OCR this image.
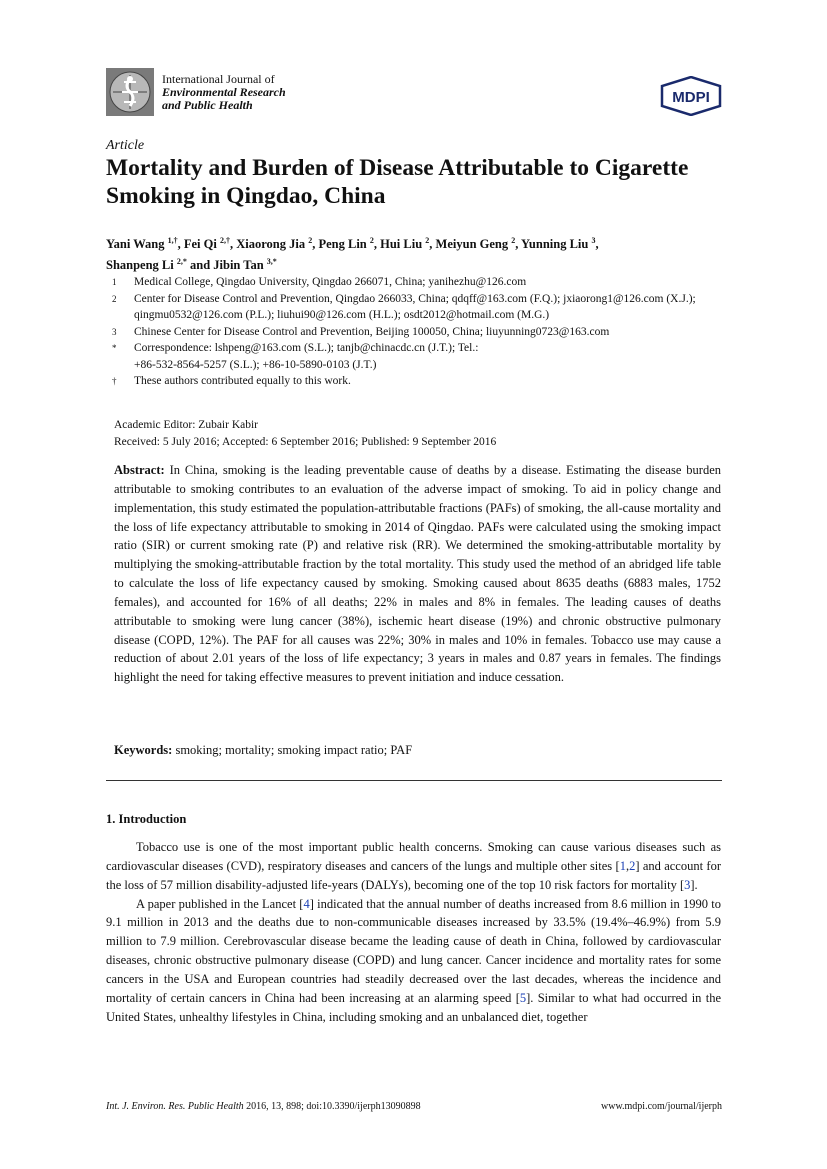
International Journal of
Environmental Research
and Public Health	MDPI
Article
Mortality and Burden of Disease Attributable to Cigarette Smoking in Qingdao, China
Yani Wang $^{1,\dagger}$, Fei Qi $^{2,\dagger}$, Xiaorong Jia $^2$, Peng Lin $^2$, Hui Liu $^2$, Meiyun Geng $^2$, Yunning Liu $^3$,
Shanpeng Li $^{2,*}$ and Jibin Tan $^{3,*}$
1	Medical College, Qingdao University, Qingdao 266071, China; yanihezhu@126.com
2	Center for Disease Control and Prevention, Qingdao 266033, China; qdqff@163.com (F.Q.); jxiaorong1@126.com (X.J.); qingmu0532@126.com (P.L.); liuhui90@126.com (H.L.); osdt2012@hotmail.com (M.G.)
3	Chinese Center for Disease Control and Prevention, Beijing 100050, China; liuyunning0723@163.com
*	Correspondence: lshpeng@163.com (S.L.); tanjb@chinacdc.cn (J.T.); Tel.: +86-532-8564-5257 (S.L.); +86-10-5890-0103 (J.T.)
†	These authors contributed equally to this work.
Academic Editor: Zubair Kabir
Received: 5 July 2016; Accepted: 6 September 2016; Published: 9 September 2016
Abstract: In China, smoking is the leading preventable cause of deaths by a disease. Estimating the disease burden attributable to smoking contributes to an evaluation of the adverse impact of smoking. To aid in policy change and implementation, this study estimated the population-attributable fractions (PAFs) of smoking, the all-cause mortality and the loss of life expectancy attributable to smoking in 2014 of Qingdao. PAFs were calculated using the smoking impact ratio (SIR) or current smoking rate (P) and relative risk (RR). We determined the smoking-attributable mortality by multiplying the smoking-attributable fraction by the total mortality. This study used the method of an abridged life table to calculate the loss of life expectancy caused by smoking. Smoking caused about 8635 deaths (6883 males, 1752 females), and accounted for 16% of all deaths; 22% in males and 8% in females. The leading causes of deaths attributable to smoking were lung cancer (38%), ischemic heart disease (19%) and chronic obstructive pulmonary disease (COPD, 12%). The PAF for all causes was 22%; 30% in males and 10% in females. Tobacco use may cause a reduction of about 2.01 years of the loss of life expectancy; 3 years in males and 0.87 years in females. The findings highlight the need for taking effective measures to prevent initiation and induce cessation.
Keywords: smoking; mortality; smoking impact ratio; PAF
1. Introduction

Tobacco use is one of the most important public health concerns. Smoking can cause various diseases such as cardiovascular diseases (CVD), respiratory diseases and cancers of the lungs and multiple other sites [1,2] and account for the loss of 57 million disability-adjusted life-years (DALYs), becoming one of the top 10 risk factors for mortality [3].

A paper published in the Lancet [4] indicated that the annual number of deaths increased from 8.6 million in 1990 to 9.1 million in 2013 and the deaths due to non-communicable diseases increased by 33.5% (19.4%–46.9%) from 5.9 million to 7.9 million. Cerebrovascular disease became the leading cause of death in China, followed by cardiovascular diseases, chronic obstructive pulmonary disease (COPD) and lung cancer. Cancer incidence and mortality rates for some cancers in the USA and European countries had steadily decreased over the last decades, whereas the incidence and mortality of certain cancers in China had been increasing at an alarming speed [5]. Similar to what had occurred in the United States, unhealthy lifestyles in China, including smoking and an unbalanced diet, together

Int. J. Environ. Res. Public Health 2016, 13, 898; doi:10.3390/ijerph13090898	www.mdpi.com/journal/ijerph
